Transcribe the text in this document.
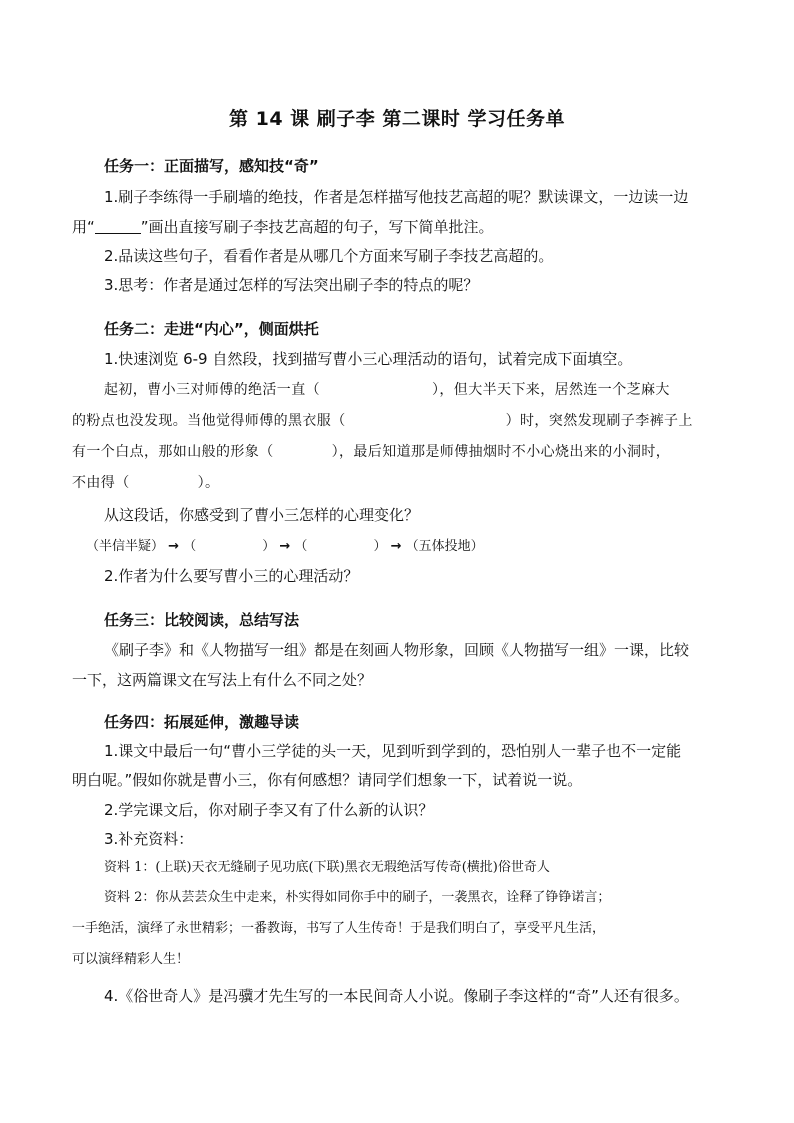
第 14 课 刷子李 第二课时 学习任务单
任务一：正面描写，感知技“奇”
1.刷子李练得一手刷墙的绝技，作者是怎样描写他技艺高超的呢？默读课文，一边读一边
用“	”画出直接写刷子李技艺高超的句子，写下简单批注。
2.品读这些句子，看看作者是从哪几个方面来写刷子李技艺高超的。
3.思考：作者是通过怎样的写法突出刷子李的特点的呢？
任务二：走进“内心”，侧面烘托
1.快速浏览 6-9 自然段，找到描写曹小三心理活动的语句，试着完成下面填空。
起初，曹小三对师傅的绝活一直（	），但大半天下来，居然连一个芝麻大
的粉点也没发现。当他觉得师傅的黑衣服（	）时，突然发现刷子李裤子上
有一个白点，那如山般的形象（	），最后知道那是师傅抽烟时不小心烧出来的小洞时，
不由得（	）。
从这段话，你感受到了曹小三怎样的心理变化？
（半信半疑） → （	） → （	） → （五体投地）
2.作者为什么要写曹小三的心理活动？
任务三：比较阅读，总结写法
《刷子李》和《人物描写一组》都是在刻画人物形象，回顾《人物描写一组》一课，比较
一下，这两篇课文在写法上有什么不同之处？
任务四：拓展延伸，激趣导读
1.课文中最后一句“曹小三学徒的头一天，见到听到学到的，恐怕别人一辈子也不一定能
明白呢。”假如你就是曹小三，你有何感想？请同学们想象一下，试着说一说。
2.学完课文后，你对刷子李又有了什么新的认识？
3.补充资料：
资料 1：(上联)天衣无缝刷子见功底(下联)黑衣无瑕绝活写传奇(横批)俗世奇人
资料 2：你从芸芸众生中走来，朴实得如同你手中的刷子，一袭黑衣，诠释了铮铮诺言；
一手绝活，演绎了永世精彩；一番教诲，书写了人生传奇！于是我们明白了，享受平凡生活，
可以演绎精彩人生！
4.《俗世奇人》是冯骥才先生写的一本民间奇人小说。像刷子李这样的“奇”人还有很多。
